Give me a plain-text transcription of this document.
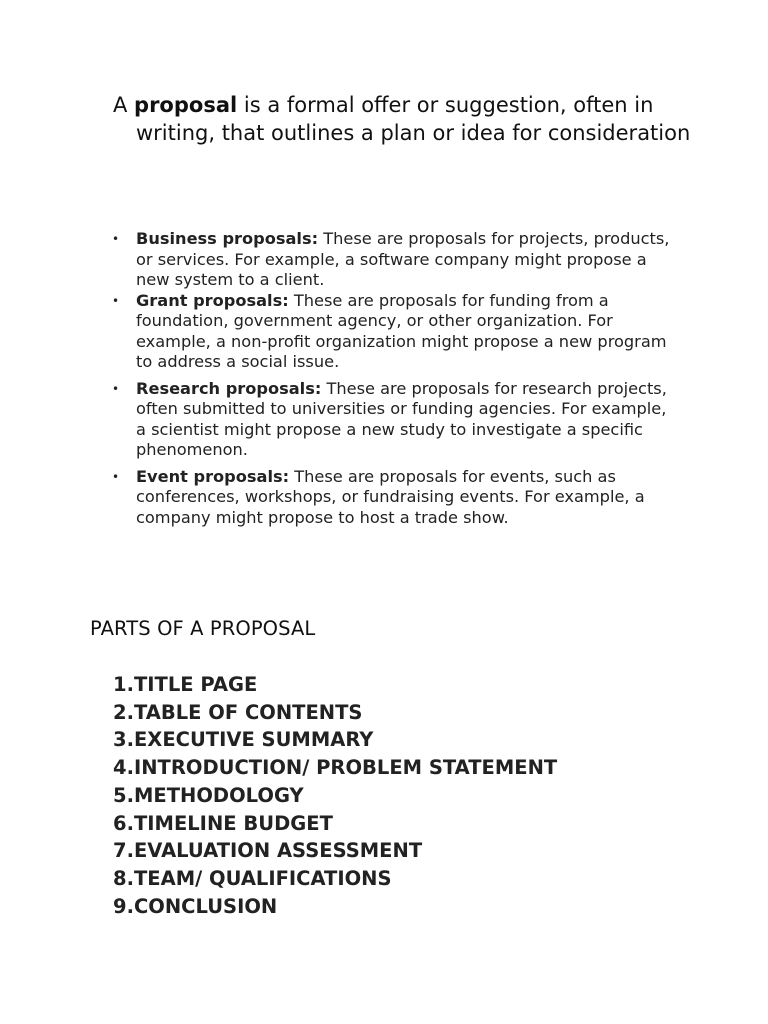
A proposal is a formal offer or suggestion, often in writing, that outlines a plan or idea for consideration

• Business proposals: These are proposals for projects, products, or services. For example, a software company might propose a new system to a client.
• Grant proposals: These are proposals for funding from a foundation, government agency, or other organization. For example, a non-profit organization might propose a new program to address a social issue.
• Research proposals: These are proposals for research projects, often submitted to universities or funding agencies. For example, a scientist might propose a new study to investigate a specific phenomenon.
• Event proposals: These are proposals for events, such as conferences, workshops, or fundraising events. For example, a company might propose to host a trade show.
PARTS OF A PROPOSAL
1.TITLE PAGE
2.TABLE OF CONTENTS
3.EXECUTIVE SUMMARY
4.INTRODUCTION/ PROBLEM STATEMENT
5.METHODOLOGY
6.TIMELINE BUDGET
7.EVALUATION ASSESSMENT
8.TEAM/ QUALIFICATIONS
9.CONCLUSION
